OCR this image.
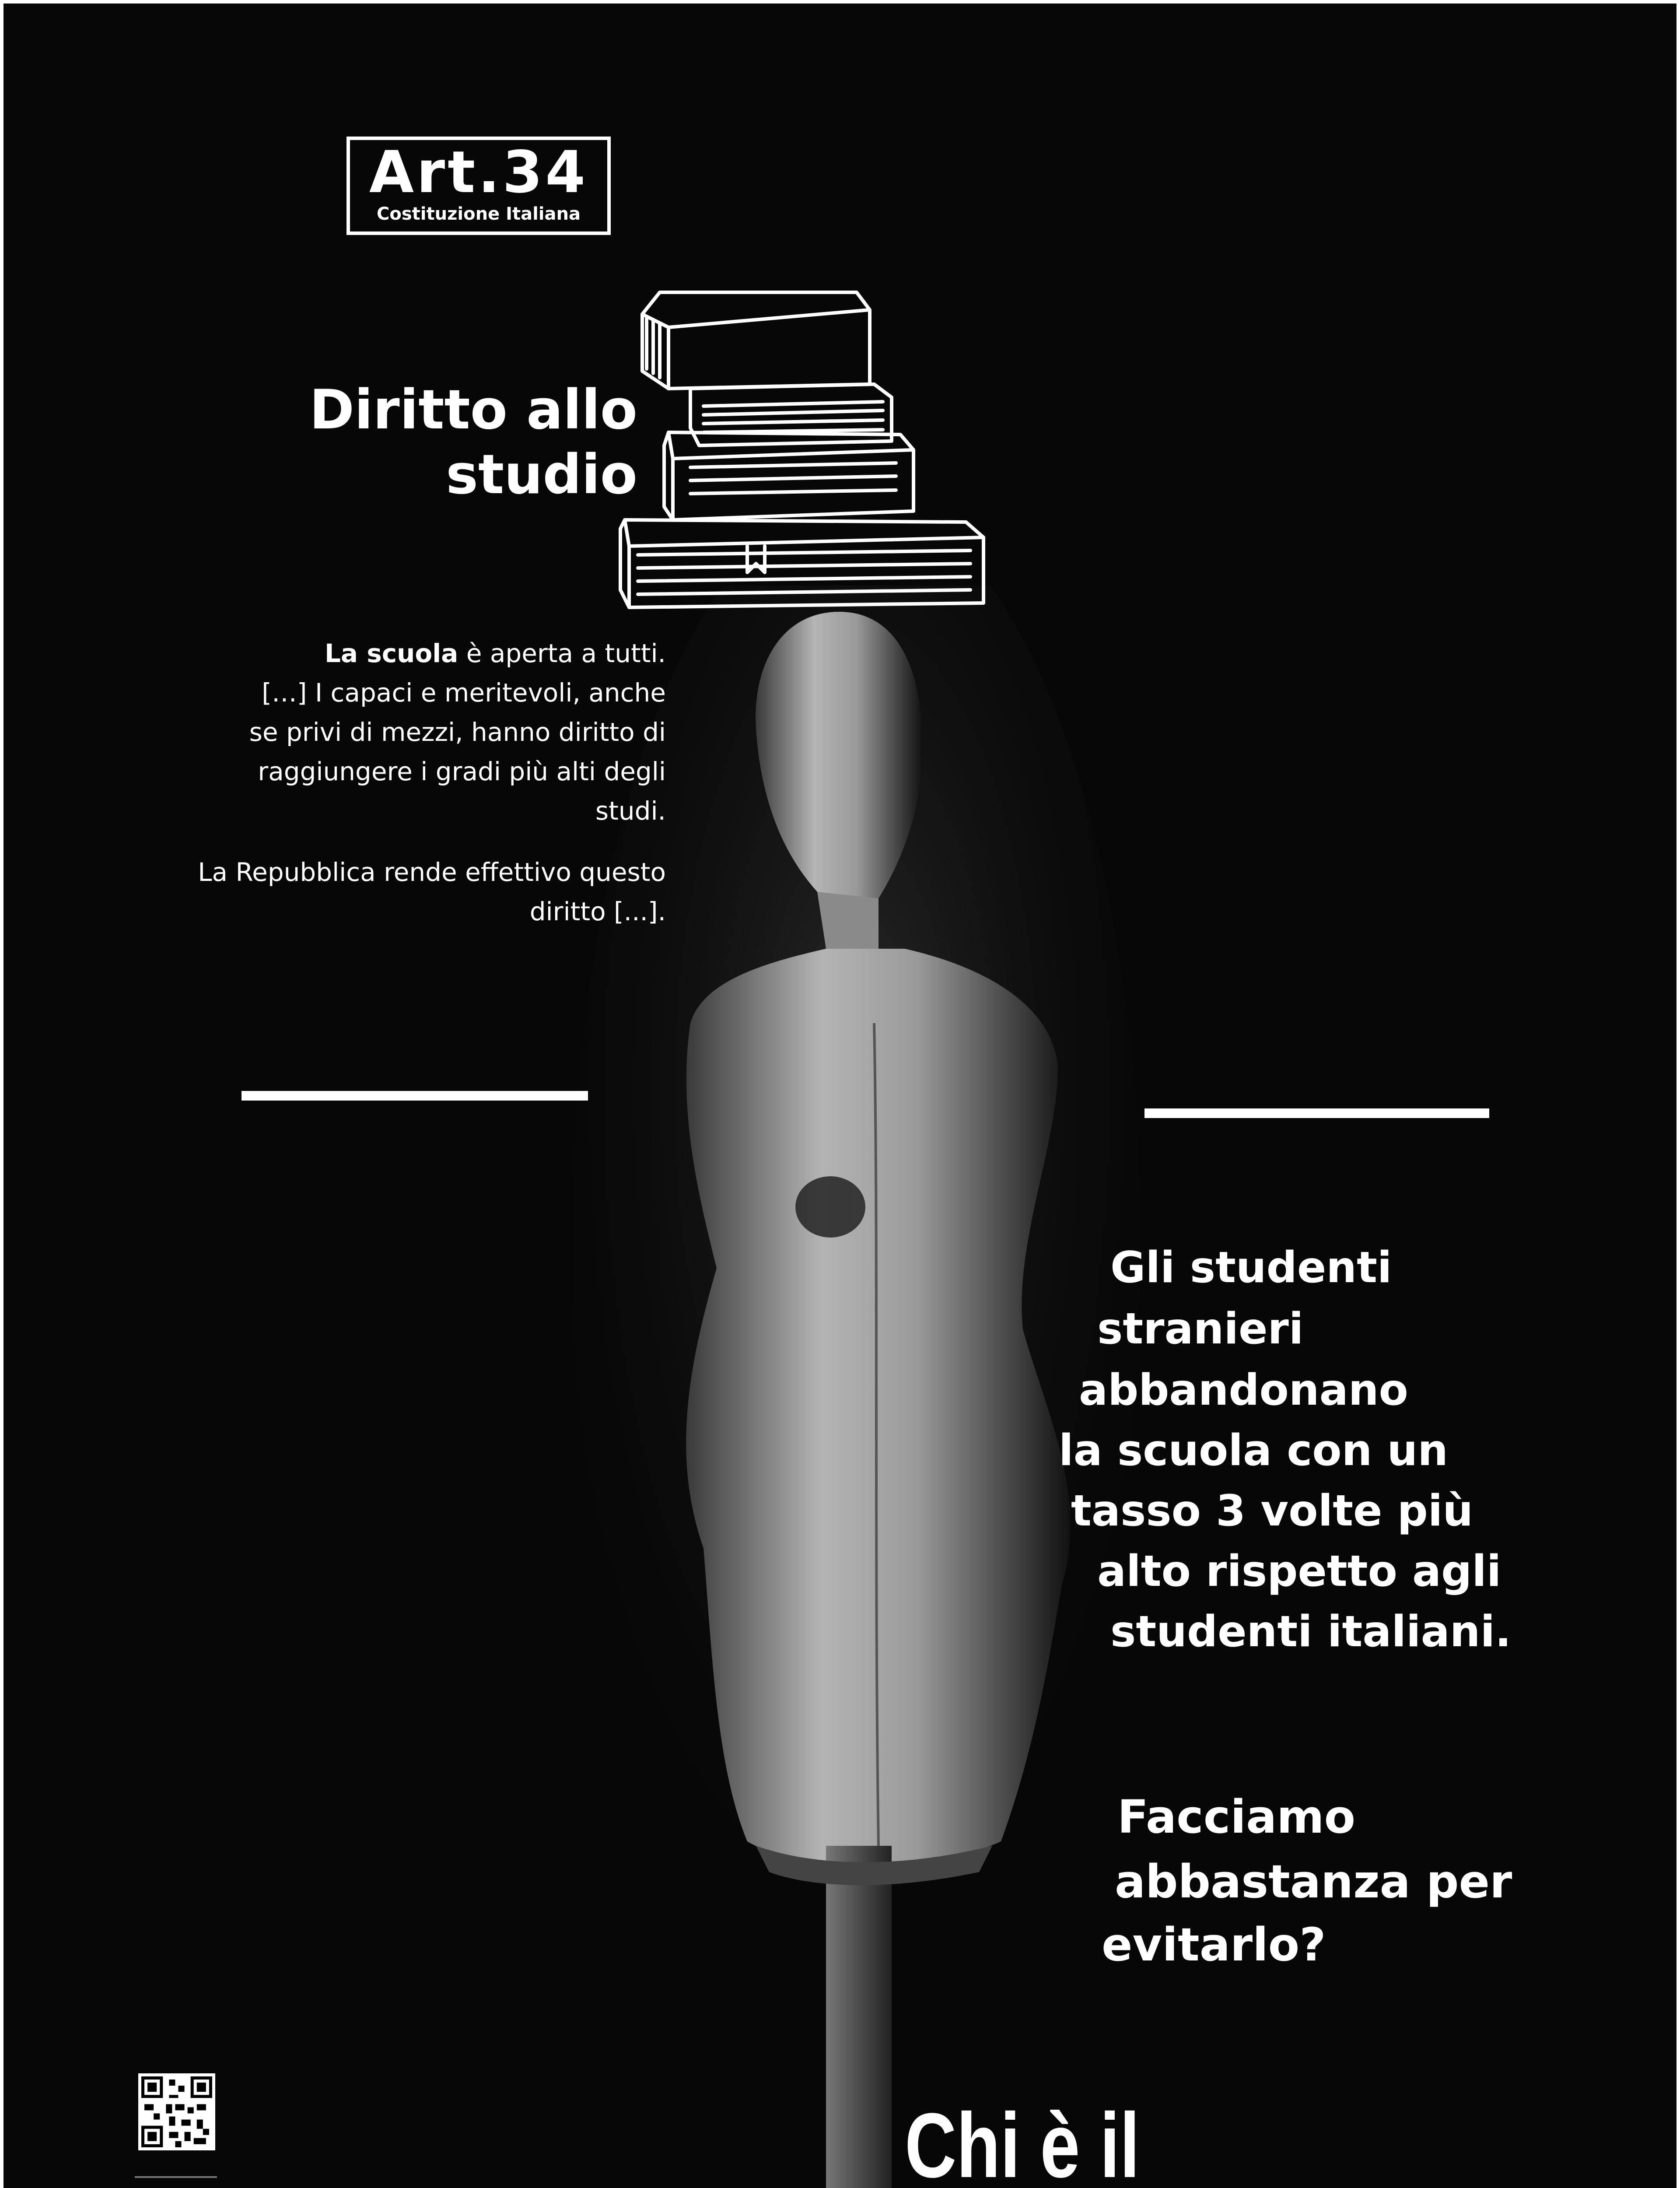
Art.34
Costituzione Italiana
Diritto allo
studio
La scuola è aperta a tutti.
[…] I capaci e meritevoli, anche
se privi di mezzi, hanno diritto di
raggiungere i gradi più alti degli
studi.
La Repubblica rende effettivo questo
diritto [...].
Gli studenti
stranieri
abbandonano
la scuola con un
tasso 3 volte più
alto rispetto agli
studenti italiani.
Facciamo
abbastanza per
evitarlo?
Chi è il
